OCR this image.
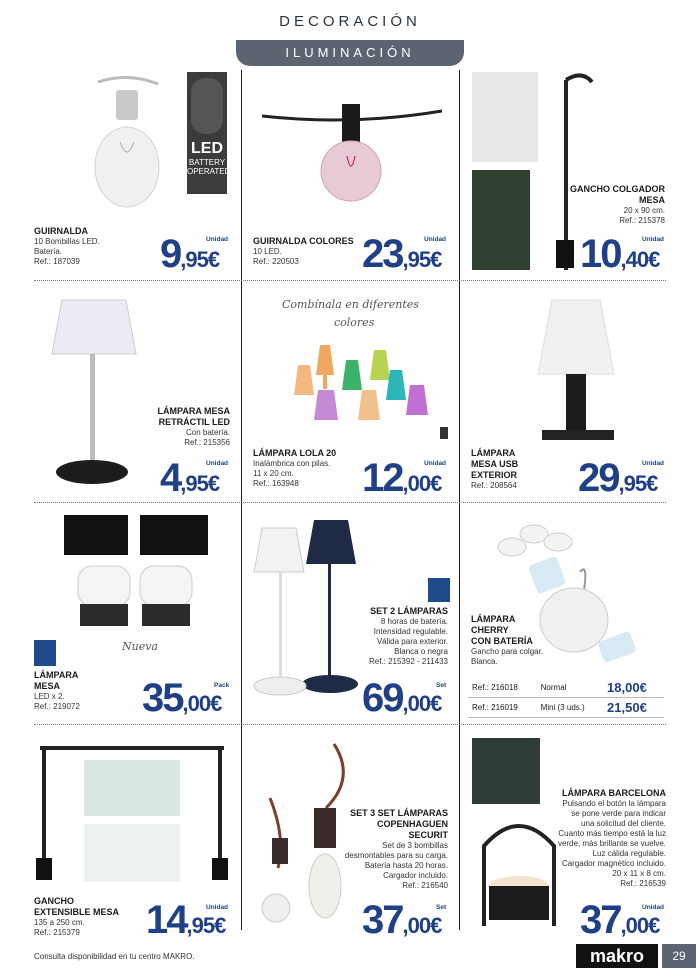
DECORACIÓN
ILUMINACIÓN
LED
BATTERY
OPERATED
GUIRNALDA
10 Bombillas LED.
Batería.
Ref.: 187039
Unidad
9,95€
GUIRNALDA COLORES
10 LED.
Ref.: 220503
Unidad
23,95€
GANCHO COLGADOR
MESA
20 x 90 cm.
Ref.: 215378
Unidad
10,40€
LÁMPARA MESA
RETRÁCTIL LED
Con batería.
Ref.: 215356
Unidad
4,95€
Combínala en diferentes
colores
LÁMPARA LOLA 20
Inalámbrica con pilas.
11 x 20 cm.
Ref.: 163948
Unidad
12,00€
LÁMPARA
MESA USB
EXTERIOR
Ref.: 208564
Unidad
29,95€
Nueva
LÁMPARA
MESA
LED x 2.
Ref.: 219072
Pack
35,00€
SET 2 LÁMPARAS
8 horas de batería.
Intensidad regulable.
Válida para exterior.
Blanca o negra
Ref.: 215392 - 211433
Set
69,00€
LÁMPARA
CHERRY
CON BATERÍA
Gancho para colgar.
Blanca.
Ref.: 216018	Normal	18,00€
Ref.: 216019	Mini (3 uds.)	21,50€
GANCHO
EXTENSIBLE MESA
135 a 250 cm.
Ref.: 215379
Unidad
14,95€
SET 3 SET LÁMPARAS
COPENHAGUEN
SECURIT
Set de 3 bombillas
desmontables para su carga.
Batería hasta 20 horas.
Cargador incluido.
Ref.: 216540
Set
37,00€
LÁMPARA BARCELONA
Pulsando el botón la lámpara
se pone verde para indicar
una solicitud del cliente.
Cuanto más tiempo está la luz
verde, más brillante se vuelve.
Luz cálida regulable.
Cargador magnético incluido.
20 x 11 x 8 cm.
Ref.: 216539
Unidad
37,00€
Consulta disponibilidad en tu centro MAKRO.	makro	29
